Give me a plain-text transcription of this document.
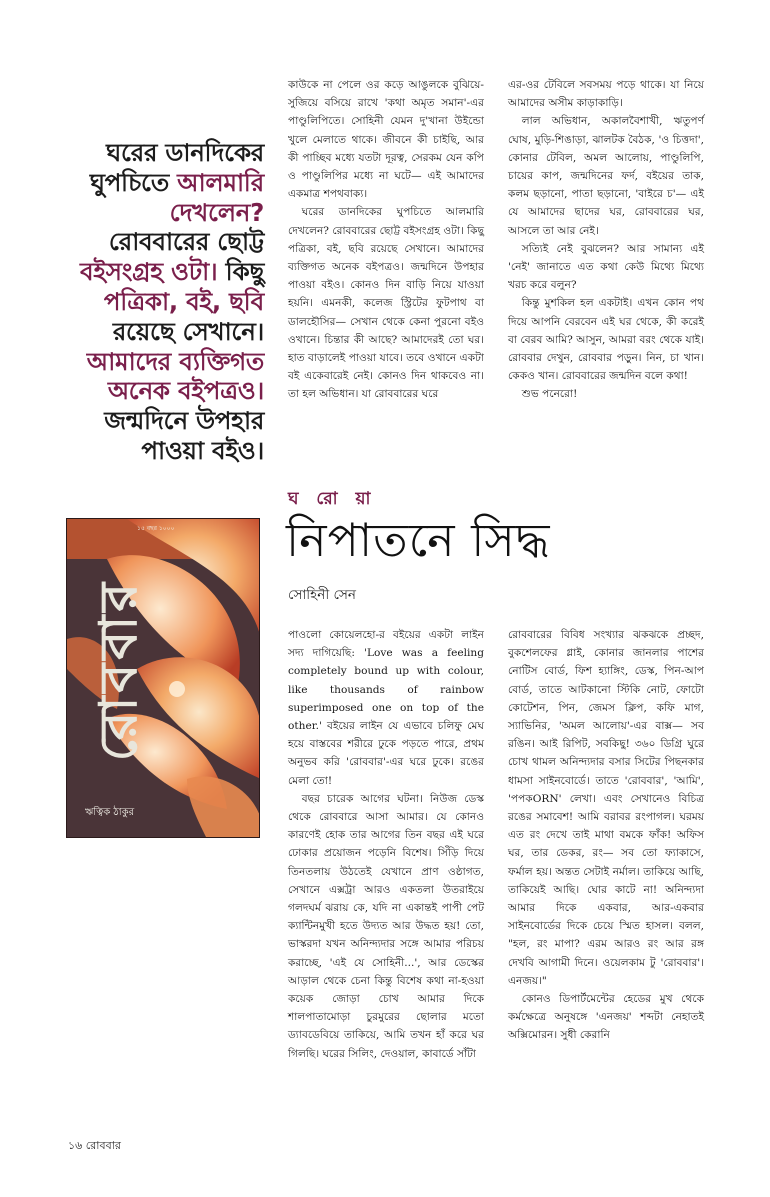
ঘরের ডানদিকের
ঘুপচিতে আলমারি
দেখলেন?
রোববারের ছোট্ট
বইসংগ্রহ ওটা। কিছু
পত্রিকা, বই, ছবি
রয়েছে সেখানে।
আমাদের ব্যক্তিগত
অনেক বইপত্রও।
জন্মদিনে উপহার
পাওয়া বইও।

কাউকে না পেলে ওর কড়ে আঙুলকে বুঝিয়ে-সুজিয়ে বসিয়ে রাখে 'কথা অমৃত সমান'-এর পাণ্ডুলিপিতে। সোহিনী যেমন দু'খানা উইন্ডো খুলে মেলাতে থাকে। জীবনে কী চাইছি, আর কী পাচ্ছিব মধ্যে যতটা দূরত্ব, সেরকম যেন কপি ও পাণ্ডুলিপির মধ্যে না ঘটে— এই আমাদের একমাত্র শপথবাক্য।

ঘরের ডানদিকের ঘুপচিতে আলমারি দেখলেন? রোববারের ছোট্ট বইসংগ্রহ ওটা। কিছু পত্রিকা, বই, ছবি রয়েছে সেখানে। আমাদের ব্যক্তিগত অনেক বইপত্রও। জন্মদিনে উপহার পাওয়া বইও। কোনও দিন বাড়ি নিয়ে যাওয়া হয়নি। এমনকী, কলেজ স্ট্রিটের ফুটপাথ বা ডালহৌসির— সেখান থেকে কেনা পুরনো বইও ওখানে। চিন্তার কী আছে? আমাদেরই তো ঘর। হাত বাড়ালেই পাওয়া যাবে। তবে ওখানে একটা বই একেবারেই নেই। কোনও দিন থাকবেও না। তা হল অভিধান। যা রোববারের ঘরে

এর-ওর টেবিলে সবসময় পড়ে থাকে। যা নিয়ে আমাদের অসীম কাড়াকাড়ি।

লাল অভিধান, অকালবৈশাখী, ঋতুপর্ণ ঘোষ, মুড়ি-শিঙাড়া, ঝালটক বৈঠক, 'ও চিত্তদা', কোনার টেবিল, অমল আলোয়, পাণ্ডুলিপি, চায়ের কাপ, জন্মদিনের ফর্দ, বইয়ের তাক, কলম ছড়ানো, পাতা ছড়ানো, 'বাইরে চ'— এই যে আমাদের ছাদের ঘর, রোববারের ঘর, আসলে তা আর নেই।

সত্যিই নেই বুঝলেন? আর সামান্য এই 'নেই' জানাতে এত কথা কেউ মিথ্যে মিথ্যে খরচ করে বলুন?

কিন্তু মুশকিল হল একটাই। এখন কোন পথ দিয়ে আপনি বেরবেন এই ঘর থেকে, কী করেই বা বেরব আমি? আসুন, আমরা বরং থেকে যাই। রোববার দেখুন, রোববার পড়ুন। নিন, চা খান। কেকও খান। রোববারের জন্মদিন বলে কথা!

শুভ পনেরো!

ঘ রো য়া
নিপাতনে সিদ্ধ
সোহিনী সেন
১৫ বছর ১০০০
রোববার
ঋত্বিক ঠাকুর

পাওলো কোয়েলহো-র বইয়ের একটা লাইন সদ্য দাগিয়েছি: 'Love was a feeling completely bound up with colour, like thousands of rainbow superimposed one on top of the other.' বইয়ের লাইন যে এভাবে চলিফু মেঘ হয়ে বাস্তবের শরীরে ঢুকে পড়তে পারে, প্রথম অনুভব করি 'রোববার'-এর ঘরে ঢুকে। রঙের মেলা তো!

বছর চারেক আগের ঘটনা। নিউজ ডেস্ক থেকে রোববারে আসা আমার। যে কোনও কারণেই হোক তার আগের তিন বছর এই ঘরে ঢোকার প্রয়োজন পড়েনি বিশেষ। সিঁড়ি দিয়ে তিনতলায় উঠতেই যেখানে প্রাণ ওষ্ঠাগত, সেখানে এক্সট্রা আরও একতলা উতরাইয়ে গলদঘর্ম ঝরায় কে, যদি না একান্তই পাপী পেট ক্যান্টিনমুখী হতে উদ্যত আর উদ্ধত হয়! তো, ভাস্করদা যখন অনিন্দ্যদার সঙ্গে আমার পরিচয় করাচ্ছে, 'এই যে সোহিনী...', আর ডেস্কের আড়াল থেকে চেনা কিন্তু বিশেষ কথা না-হওয়া কয়েক জোড়া চোখ আমার দিকে শালপাতামোড়া চুরমুরের ছোলার মতো ড্যাবডেবিয়ে তাকিয়ে, আমি তখন হাঁ করে ঘর গিলছি। ঘরের সিলিং, দেওয়াল, কাবার্ডে সাঁটা

রোববারের বিবিধ সংখ্যার ঝকঝকে প্রচ্ছদ, বুকশেলফের গ্লাই, কোনার জানলার পাশের নোটিস বোর্ড, ফিশ হ্যাঙ্গিং, ডেস্ক, পিন-আপ বোর্ড, তাতে আটকানো স্টিকি নোট, ফোটো কোটেশন, পিন, জেমস ক্লিপ, কফি মাগ, স্যাভিনির, 'অমল আলোয়'-এর বাক্স— সব রঙিন। আই রিপিট, সবকিছু! ৩৬০ ডিগ্রি ঘুরে চোখ থামল অনিন্দ্যদার বসার সিটের পিছনকার ধামসা সাইনবোর্ডে। তাতে 'রোববার', 'আমি', 'পপকORN' লেখা। এবং সেখানেও বিচিত্র রঙের সমাবেশ! আমি বরাবর রংপাগল। ঘরময় এত রং দেখে তাই মাথা বমকে ফাঁক! অফিস ঘর, তার ডেকর, রং— সব তো ফ্যাকাসে, ফর্মাল হয়। অন্তত সেটাই নর্মাল। তাকিয়ে আছি, তাকিয়েই আছি। ঘোর কাটে না! অনিন্দ্যদা আমার দিকে একবার, আর-একবার সাইনবোর্ডের দিকে চেয়ে স্মিত হাসল। বলল, "হল, রং মাপা? এরম আরও রং আর রঙ্গ দেখবি আগামী দিনে। ওয়েলকাম টু 'রোববার'। এনজয়।"

কোনও ডিপার্টমেন্টের হেডের মুখ থেকে কর্মক্ষেত্রে অনুষঙ্গে 'এনজয়' শব্দটা নেহাতই অক্সিমোরন। সুধী কেরানি

১৬ রোববার
